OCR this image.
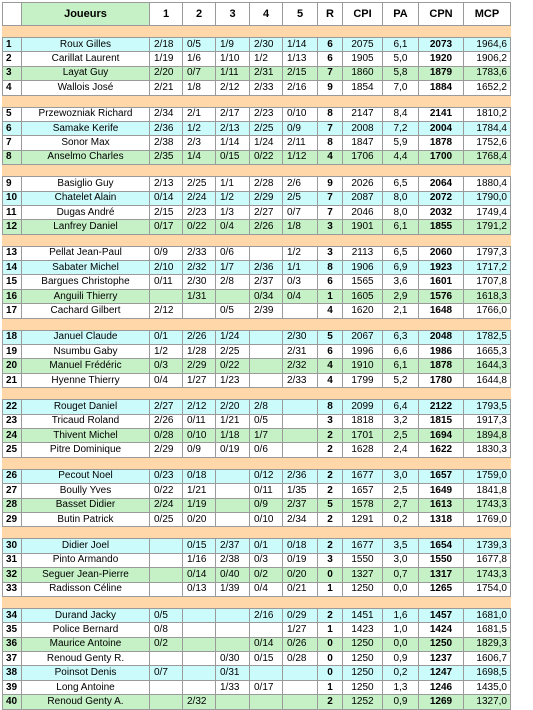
	Joueurs	1	2	3	4	5	R	CPI	PA	CPN	MCP

1	Roux Gilles	2/18	0/5	1/9	2/30	1/14	6	2075	6,1	2073	1964,6
2	Carillat Laurent	1/19	1/6	1/10	1/2	1/13	6	1905	5,0	1920	1906,2
3	Layat Guy	2/20	0/7	1/11	2/31	2/15	7	1860	5,8	1879	1783,6
4	Wallois José	2/21	1/8	2/12	2/33	2/16	9	1854	7,0	1884	1652,2

5	Przewozniak Richard	2/34	2/1	2/17	2/23	0/10	8	2147	8,4	2141	1810,2
6	Samake Kerife	2/36	1/2	2/13	2/25	0/9	7	2008	7,2	2004	1784,4
7	Sonor Max	2/38	2/3	1/14	1/24	2/11	8	1847	5,9	1878	1752,6
8	Anselmo Charles	2/35	1/4	0/15	0/22	1/12	4	1706	4,4	1700	1768,4

9	Basiglio Guy	2/13	2/25	1/1	2/28	2/6	9	2026	6,5	2064	1880,4
10	Chatelet Alain	0/14	2/24	1/2	2/29	2/5	7	2087	8,0	2072	1790,0
11	Dugas André	2/15	2/23	1/3	2/27	0/7	7	2046	8,0	2032	1749,4
12	Lanfrey Daniel	0/17	0/22	0/4	2/26	1/8	3	1901	6,1	1855	1791,2

13	Pellat Jean-Paul	0/9	2/33	0/6		1/2	3	2113	6,5	2060	1797,3
14	Sabater Michel	2/10	2/32	1/7	2/36	1/1	8	1906	6,9	1923	1717,2
15	Bargues Christophe	0/11	2/30	2/8	2/37	0/3	6	1565	3,6	1601	1707,8
16	Anguili Thierry		1/31		0/34	0/4	1	1605	2,9	1576	1618,3
17	Cachard Gilbert	2/12		0/5	2/39		4	1620	2,1	1648	1766,0

18	Januel Claude	0/1	2/26	1/24		2/30	5	2067	6,3	2048	1782,5
19	Nsumbu Gaby	1/2	1/28	2/25		2/31	6	1996	6,6	1986	1665,3
20	Manuel Frédéric	0/3	2/29	0/22		2/32	4	1910	6,1	1878	1644,3
21	Hyenne Thierry	0/4	1/27	1/23		2/33	4	1799	5,2	1780	1644,8

22	Rouget Daniel	2/27	2/12	2/20	2/8		8	2099	6,4	2122	1793,5
23	Tricaud Roland	2/26	0/11	1/21	0/5		3	1818	3,2	1815	1917,3
24	Thivent Michel	0/28	0/10	1/18	1/7		2	1701	2,5	1694	1894,8
25	Pitre Dominique	2/29	0/9	0/19	0/6		2	1628	2,4	1622	1830,3

26	Pecout Noel	0/23	0/18		0/12	2/36	2	1677	3,0	1657	1759,0
27	Boully Yves	0/22	1/21		0/11	1/35	2	1657	2,5	1649	1841,8
28	Basset Didier	2/24	1/19		0/9	2/37	5	1578	2,7	1613	1743,3
29	Butin Patrick	0/25	0/20		0/10	2/34	2	1291	0,2	1318	1769,0

30	Didier Joel		0/15	2/37	0/1	0/18	2	1677	3,5	1654	1739,3
31	Pinto Armando		1/16	2/38	0/3	0/19	3	1550	3,0	1550	1677,8
32	Seguer Jean-Pierre		0/14	0/40	0/2	0/20	0	1327	0,7	1317	1743,3
33	Radisson Céline		0/13	1/39	0/4	0/21	1	1250	0,0	1265	1754,0

34	Durand Jacky	0/5			2/16	0/29	2	1451	1,6	1457	1681,0
35	Police Bernard	0/8				1/27	1	1423	1,0	1424	1681,5
36	Maurice Antoine	0/2			0/14	0/26	0	1250	0,0	1250	1829,3
37	Renoud Genty R.			0/30	0/15	0/28	0	1250	0,9	1237	1606,7
38	Poinsot Denis	0/7		0/31			0	1250	0,2	1247	1698,5
39	Long Antoine			1/33	0/17		1	1250	1,3	1246	1435,0
40	Renoud Genty A.		2/32				2	1252	0,9	1269	1327,0
